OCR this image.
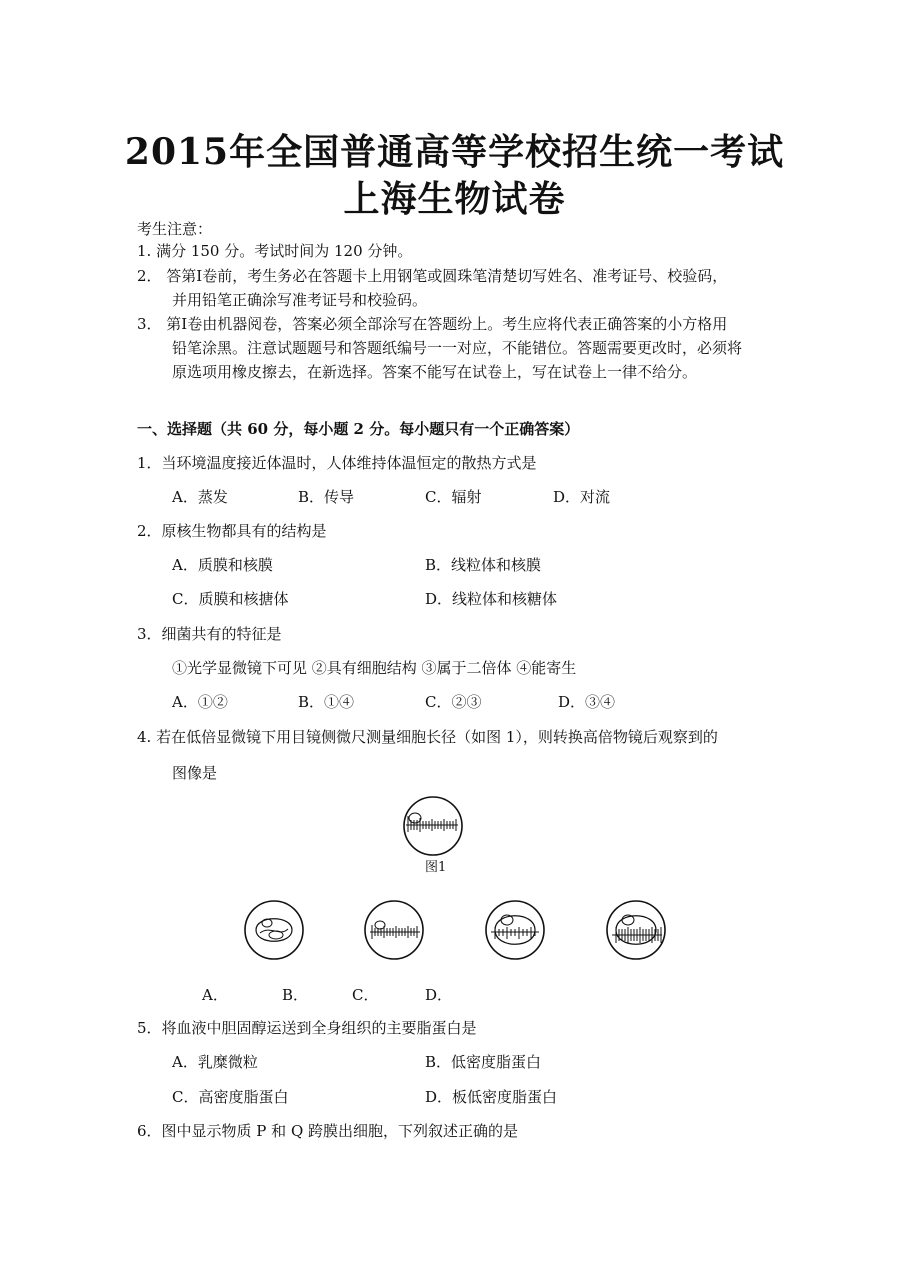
2015年全国普通高等学校招生统一考试
上海生物试卷
考生注意：
1. 满分 150 分。考试时间为 120 分钟。
2． 答第Ⅰ卷前，考生务必在答题卡上用钢笔或圆珠笔清楚切写姓名、准考证号、校验码，
并用铅笔正确涂写准考证号和校验码。
3． 第Ⅰ卷由机器阅卷，答案必须全部涂写在答题纷上。考生应将代表正确答案的小方格用
铅笔涂黑。注意试题题号和答题纸编号一一对应，不能错位。答题需要更改时，必须将
原选项用橡皮擦去，在新选择。答案不能写在试卷上，写在试卷上一律不给分。
一、选择题（共 60 分，每小题 2 分。每小题只有一个正确答案）
1．当环境温度接近体温时，人体维持体温恒定的散热方式是
A．蒸发	B．传导	C．辐射	D．对流
2．原核生物都具有的结构是
A．质膜和核膜	B．线粒体和核膜
C．质膜和核搪体	D．线粒体和核糖体
3．细菌共有的特征是
①光学显微镜下可见 ②具有细胞结构 ③属于二倍体 ④能寄生
A．①②	B．①④	C．②③	D．③④
4. 若在低倍显微镜下用目镜侧微尺测量细胞长径（如图 1），则转换高倍物镜后观察到的
图像是
图1
A．	B．	C．	D．
5．将血液中胆固醇运送到全身组织的主要脂蛋白是
A．乳糜微粒	B．低密度脂蛋白
C．高密度脂蛋白	D．板低密度脂蛋白
6．图中显示物质 P 和 Q 跨膜出细胞，下列叙述正确的是
